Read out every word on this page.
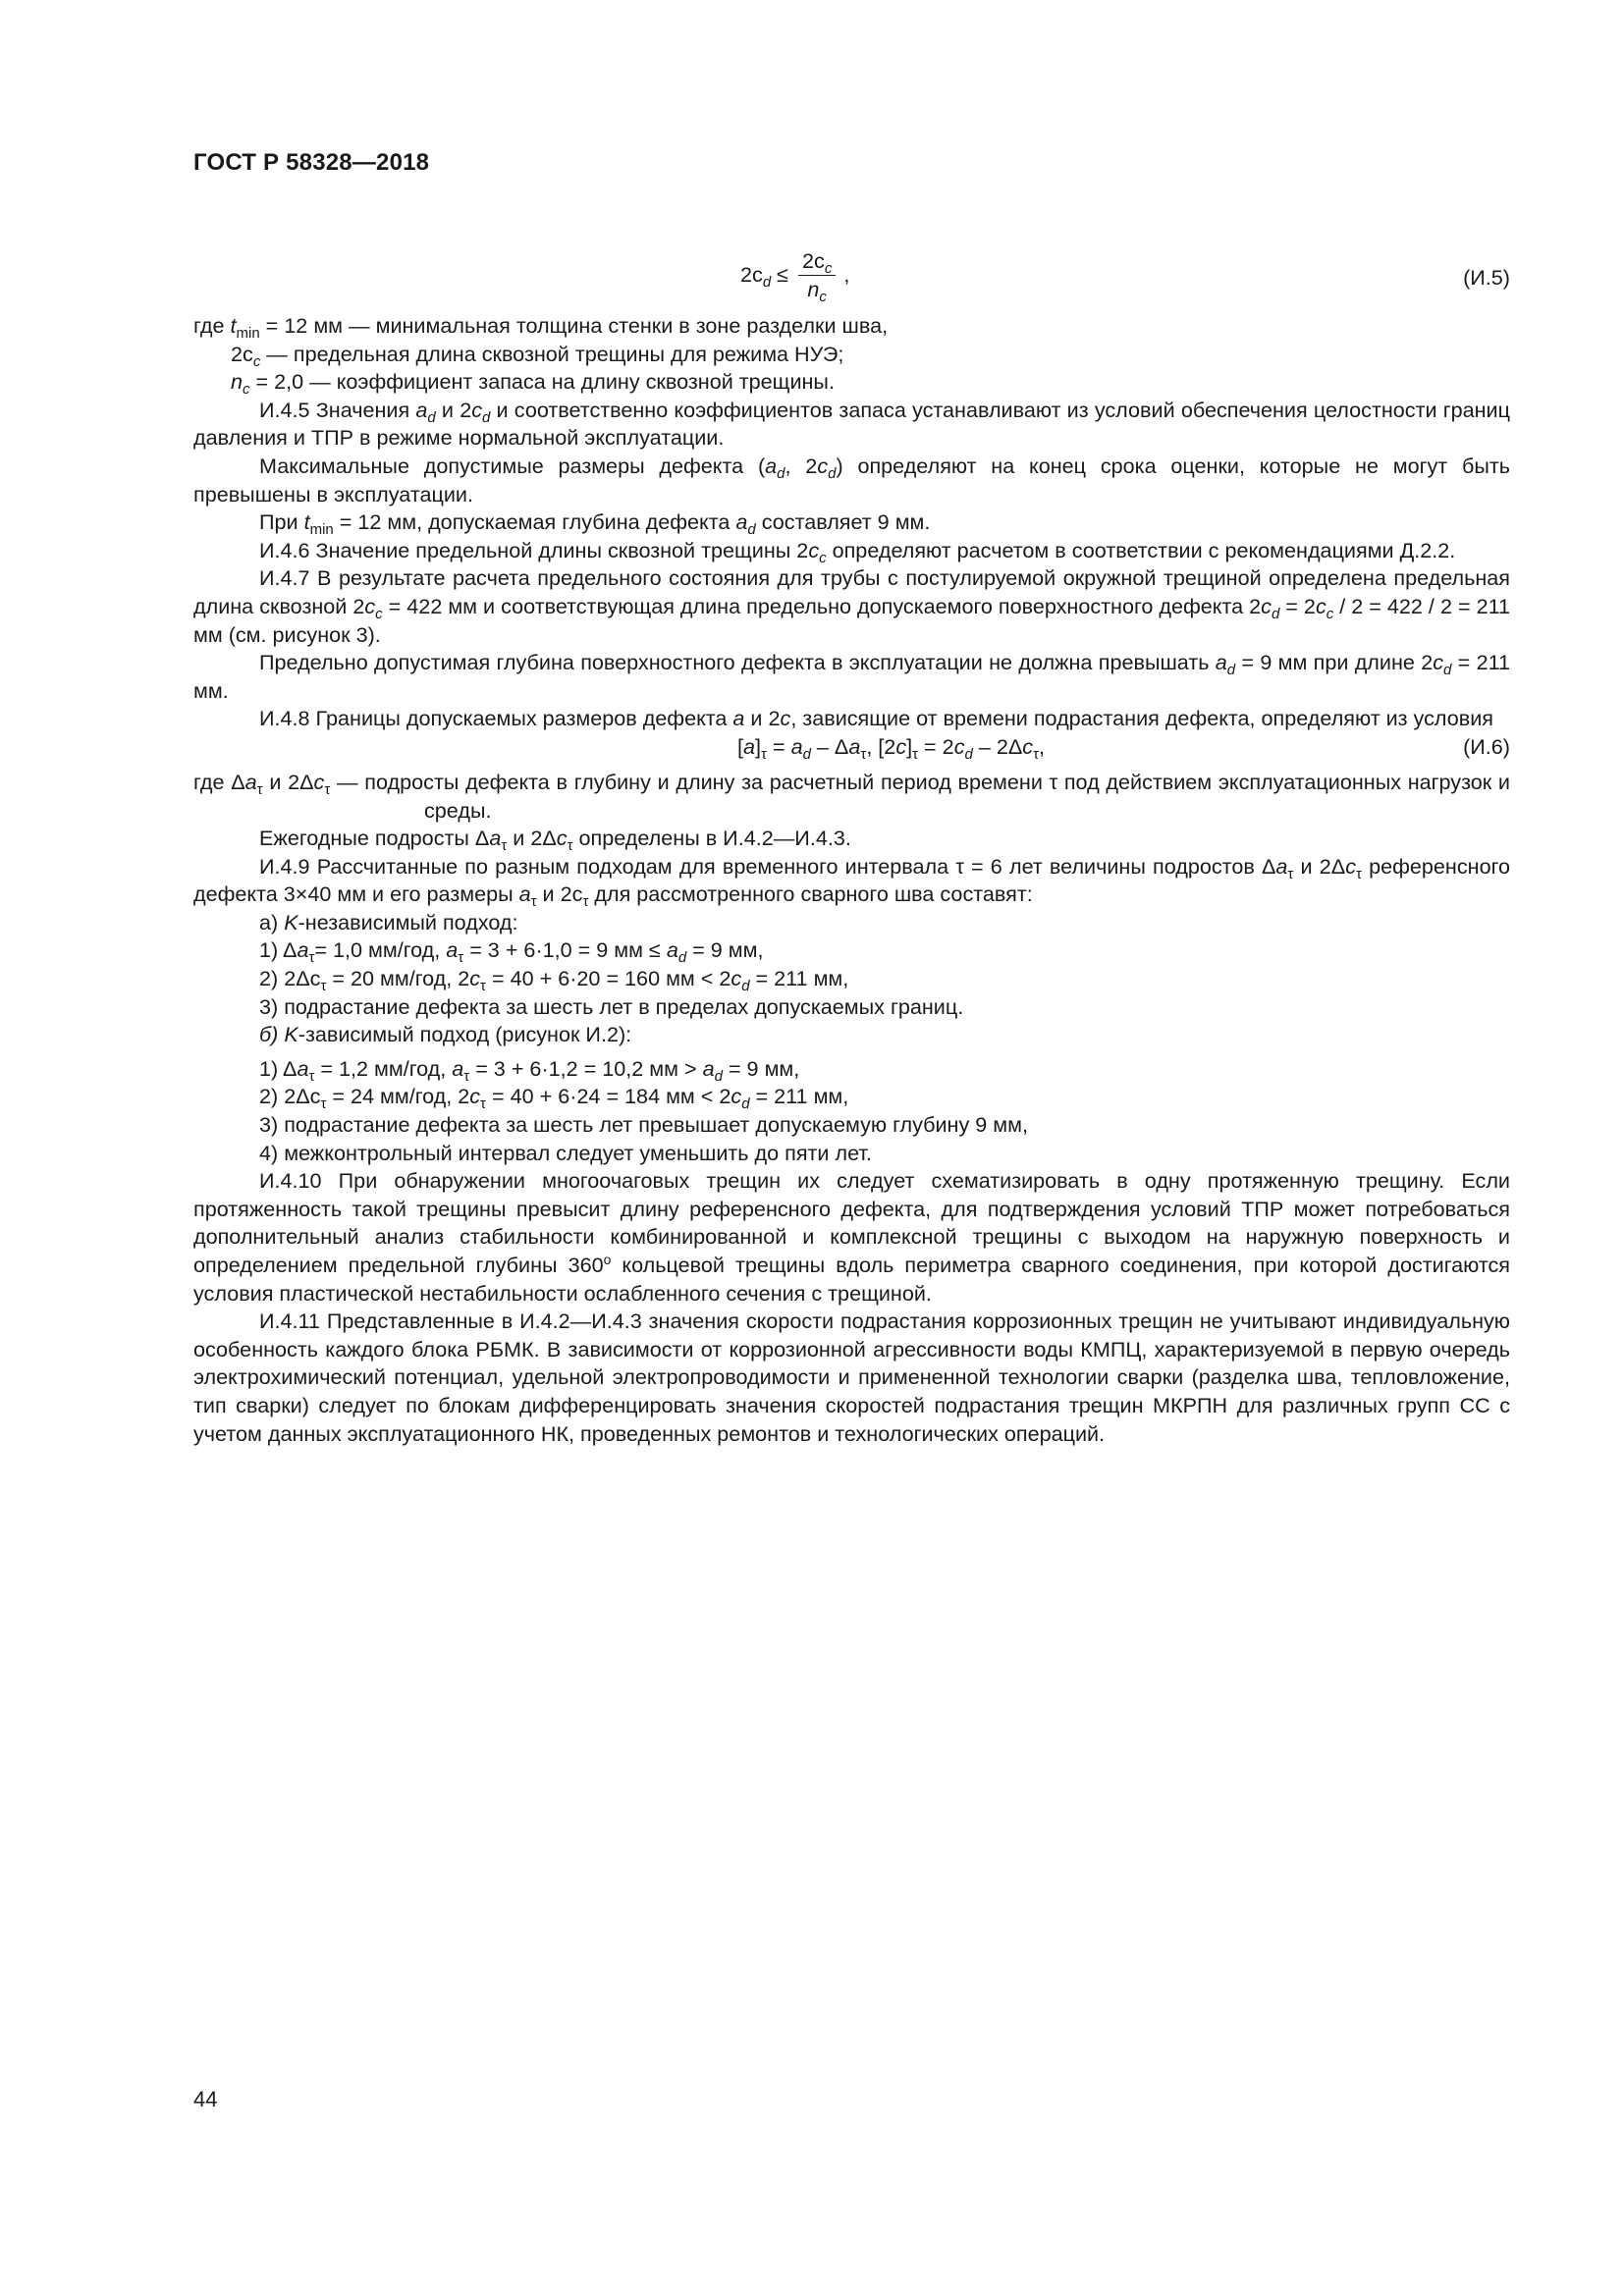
ГОСТ Р 58328—2018
2c $_d \le \frac{2c_c}{n_c}$ ,	(И.5)

где $t_{min} = 12$ мм — минимальная толщина стенки в зоне разделки шва,

$2c_c$ — предельная длина сквозной трещины для режима НУЭ;

$n_c = 2,0$ — коэффициент запаса на длину сквозной трещины.

И.4.5 Значения $a_d$ и $2c_d$ и соответственно коэффициентов запаса устанавливают из условий обеспечения целостности границ давления и ТПР в режиме нормальной эксплуатации.

Максимальные допустимые размеры дефекта ($a_d$, $2c_d$) определяют на конец срока оценки, которые не могут быть превышены в эксплуатации.

При $t_{min} = 12$ мм, допускаемая глубина дефекта $a_d$ составляет 9 мм.

И.4.6 Значение предельной длины сквозной трещины $2c_c$ определяют расчетом в соответствии с рекомендациями Д.2.2.

И.4.7 В результате расчета предельного состояния для трубы с постулируемой окружной трещиной определена предельная длина сквозной $2c_c = 422$ мм и соответствующая длина предельно допускаемого поверхностного дефекта $2c_d = 2c_c / 2 = 422 / 2 = 211$ мм (см. рисунок 3).

Предельно допустимая глубина поверхностного дефекта в эксплуатации не должна превышать $a_d = 9$ мм при длине $2c_d = 211$ мм.

И.4.8 Границы допускаемых размеров дефекта a и 2c, зависящие от времени подрастания дефекта, определяют из условия

$[a]_\tau = a_d - \Delta a_\tau$, $[2c]_\tau = 2c_d - 2\Delta c_\tau$,	(И.6)

где $\Delta a_\tau$ и $2\Delta c_\tau$ — подросты дефекта в глубину и длину за расчетный период времени τ под действием эксплуатационных нагрузок и среды.

Ежегодные подросты $\Delta a_\tau$ и $2\Delta c_\tau$ определены в И.4.2—И.4.3.

И.4.9 Рассчитанные по разным подходам для временного интервала τ = 6 лет величины подростов $\Delta a_\tau$ и $2\Delta c_\tau$ референсного дефекта 3×40 мм и его размеры $a_\tau$ и $2c_\tau$ для рассмотренного сварного шва составят:

а) K-независимый подход:

1) $\Delta a_\tau= 1,0$ мм/год, $a_\tau = 3 + 6\cdot 1,0 = 9$ мм ≤ $a_d = 9$ мм,

2) $2\Delta c_\tau = 20$ мм/год, $2c_\tau = 40 + 6\cdot 20 = 160$ мм < $2c_d = 211$ мм,

3) подрастание дефекта за шесть лет в пределах допускаемых границ.

б) K-зависимый подход (рисунок И.2):

1) $\Delta a_\tau = 1,2$ мм/год, $a_\tau = 3 + 6\cdot 1,2 = 10,2$ мм > $a_d = 9$ мм,

2) $2\Delta c_\tau = 24$ мм/год, $2c_\tau = 40 + 6\cdot 24 = 184$ мм < $2c_d = 211$ мм,

3) подрастание дефекта за шесть лет превышает допускаемую глубину 9 мм,

4) межконтрольный интервал следует уменьшить до пяти лет.

И.4.10 При обнаружении многоочаговых трещин их следует схематизировать в одну протяженную трещину. Если протяженность такой трещины превысит длину референсного дефекта, для подтверждения условий ТПР может потребоваться дополнительный анализ стабильности комбинированной и комплексной трещины с выходом на наружную поверхность и определением предельной глубины 360$^o$ кольцевой трещины вдоль периметра сварного соединения, при которой достигаются условия пластической нестабильности ослабленного сечения с трещиной.

И.4.11 Представленные в И.4.2—И.4.3 значения скорости подрастания коррозионных трещин не учитывают индивидуальную особенность каждого блока РБМК. В зависимости от коррозионной агрессивности воды КМПЦ, характеризуемой в первую очередь электрохимический потенциал, удельной электропроводимости и примененной технологии сварки (разделка шва, тепловложение, тип сварки) следует по блокам дифференцировать значения скоростей подрастания трещин МКРПН для различных групп СС с учетом данных эксплуатационного НК, проведенных ремонтов и технологических операций.

44
